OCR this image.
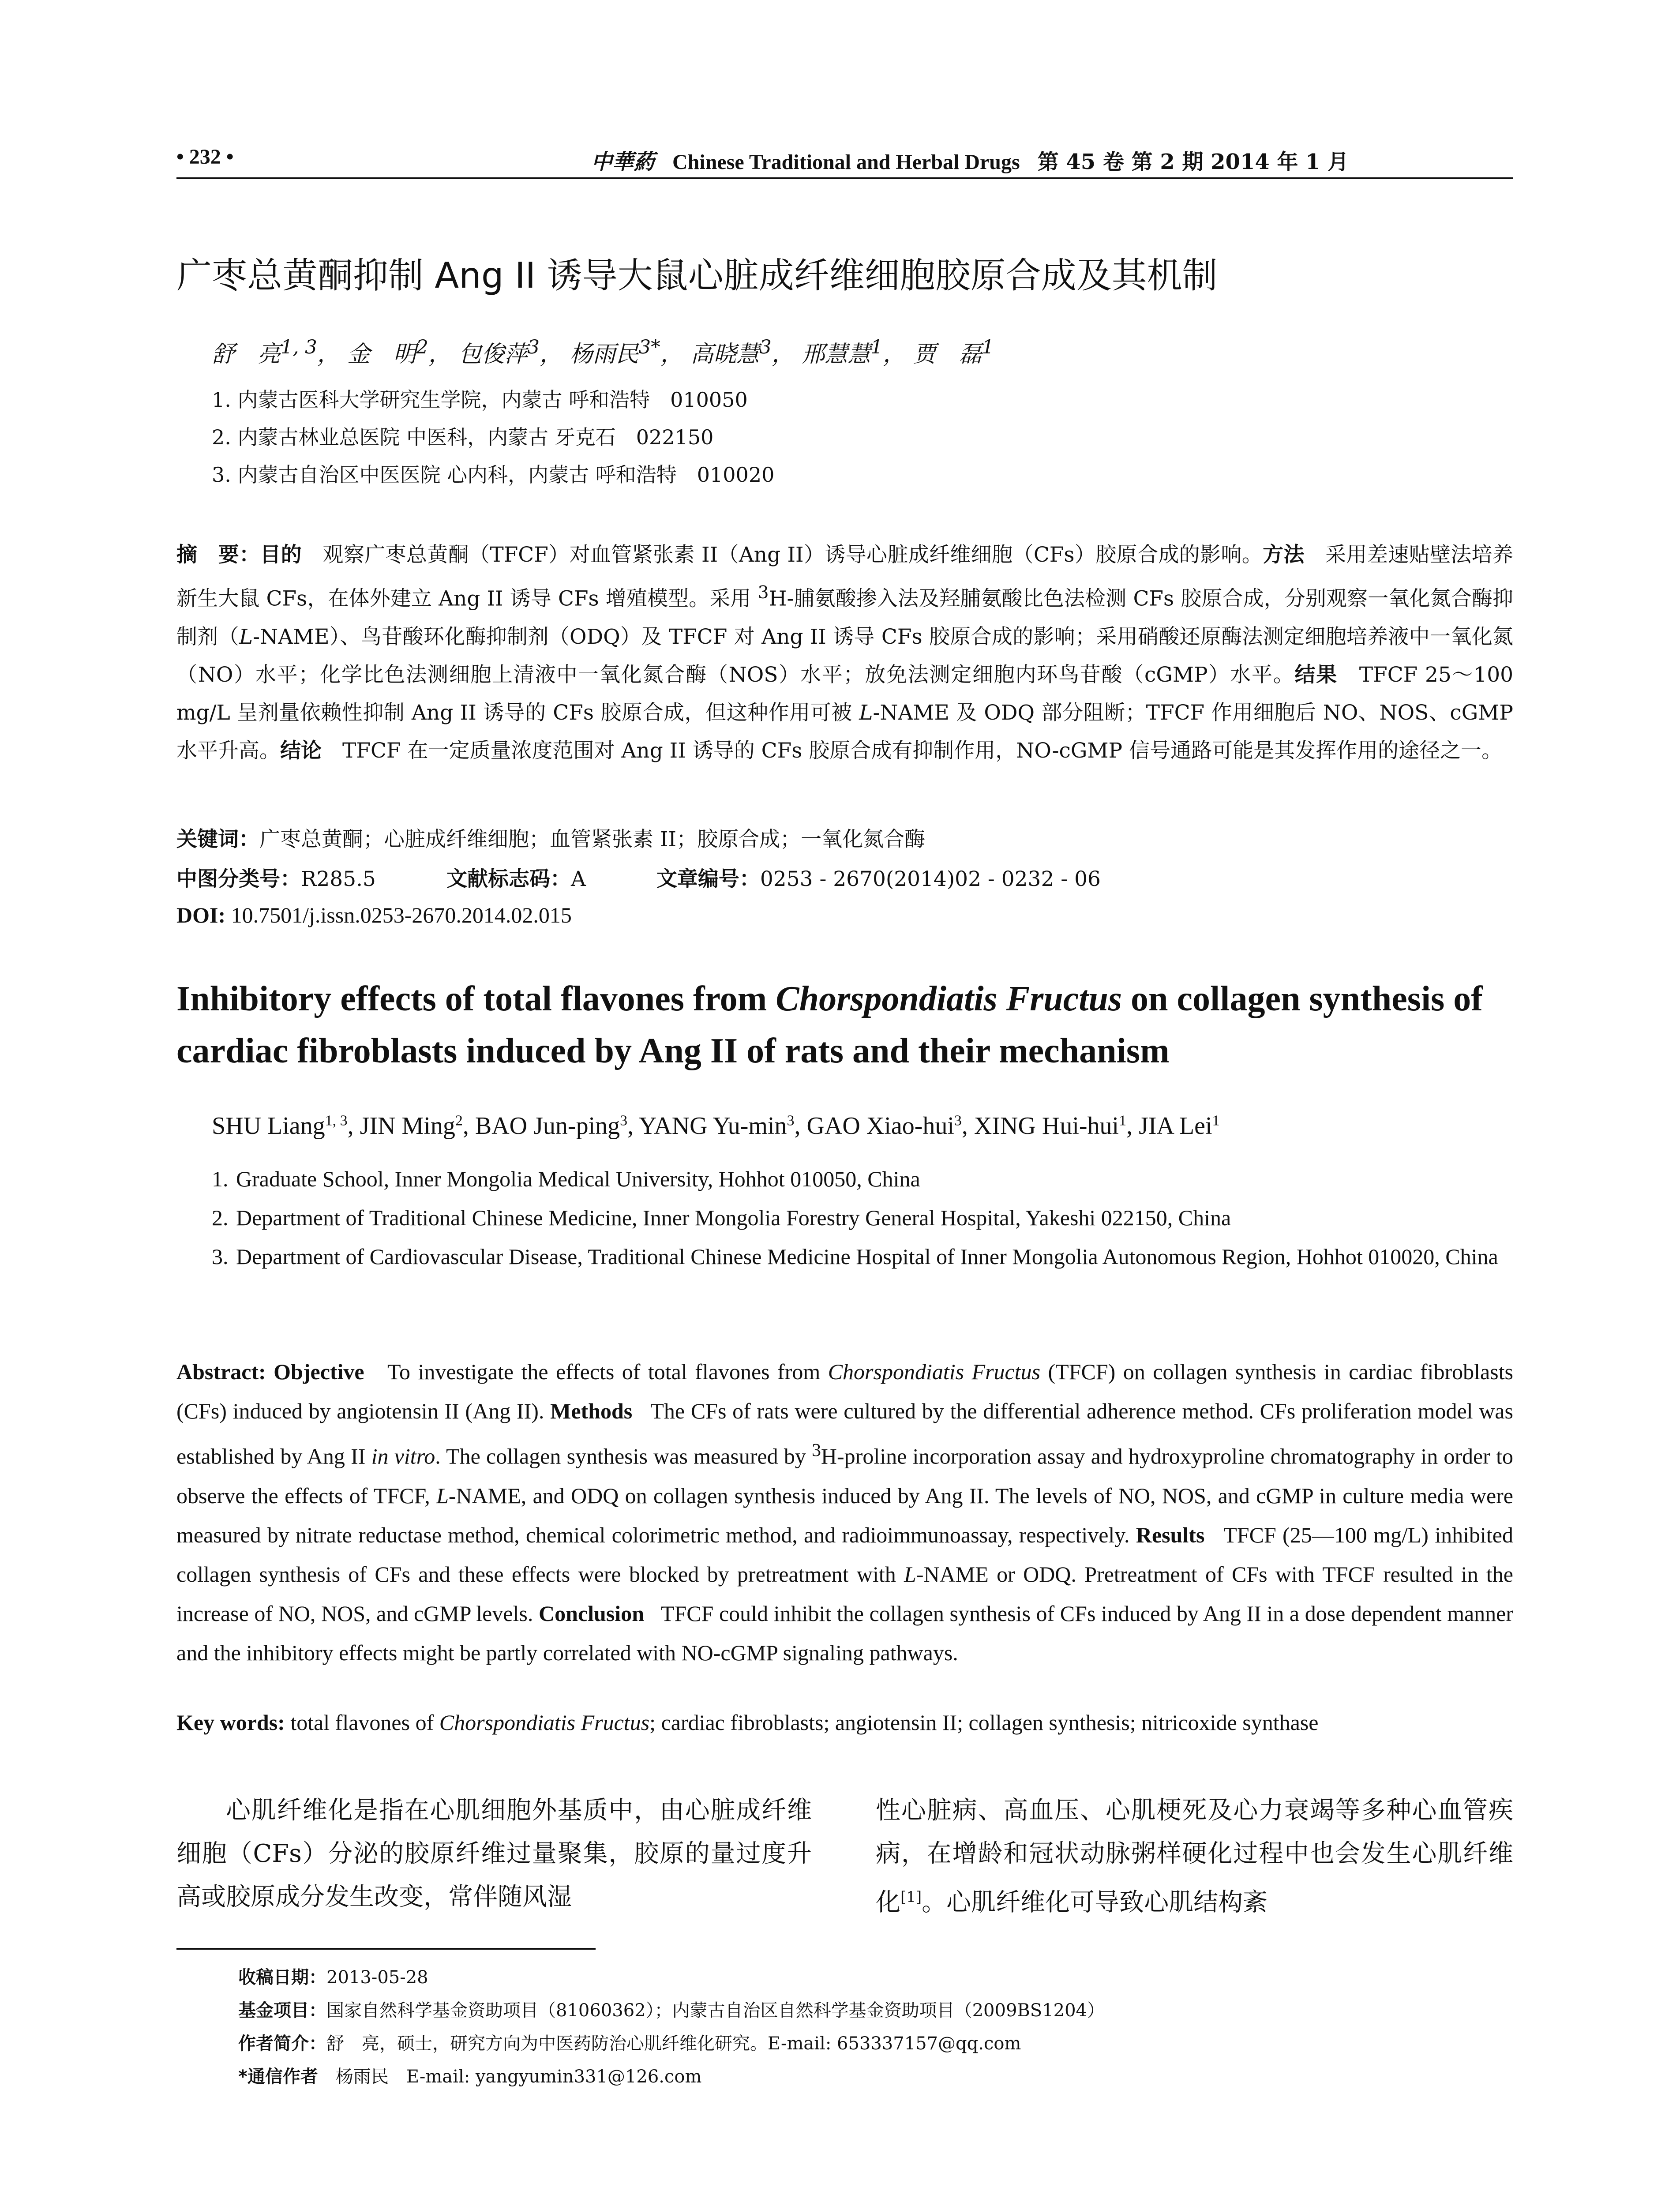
• 232 •	中華葯 Chinese Traditional and Herbal Drugs 第 45 卷 第 2 期 2014 年 1 月
广枣总黄酮抑制 Ang II 诱导大鼠心脏成纤维细胞胶原合成及其机制
舒　亮$^{1, 3}$， 金　明$^2$， 包俊萍$^3$， 杨雨民$^{3*}$， 高晓慧$^3$， 邢慧慧$^1$， 贾　磊$^1$
1. 内蒙古医科大学研究生学院，内蒙古 呼和浩特　010050
2. 内蒙古林业总医院 中医科，内蒙古 牙克石　022150
3. 内蒙古自治区中医医院 心内科，内蒙古 呼和浩特　010020
摘　要：目的　 观察广枣总黄酮（TFCF）对血管紧张素 II（Ang II）诱导心脏成纤维细胞（CFs）胶原合成的影响。方法　 采用差速贴壁法培养新生大鼠 CFs，在体外建立 Ang II 诱导 CFs 增殖模型。采用 $^3$H-脯氨酸掺入法及羟脯氨酸比色法检测 CFs 胶原合成，分别观察一氧化氮合酶抑制剂（L-NAME）、鸟苷酸环化酶抑制剂（ODQ）及 TFCF 对 Ang II 诱导 CFs 胶原合成的影响；采用硝酸还原酶法测定细胞培养液中一氧化氮（NO）水平；化学比色法测细胞上清液中一氧化氮合酶（NOS）水平；放免法测定细胞内环鸟苷酸（cGMP）水平。结果　 TFCF 25～100 mg/L 呈剂量依赖性抑制 Ang II 诱导的 CFs 胶原合成，但这种作用可被 L-NAME 及 ODQ 部分阻断；TFCF 作用细胞后 NO、NOS、cGMP 水平升高。结论　 TFCF 在一定质量浓度范围对 Ang II 诱导的 CFs 胶原合成有抑制作用，NO-cGMP 信号通路可能是其发挥作用的途径之一。
关键词：广枣总黄酮；心脏成纤维细胞；血管紧张素 II；胶原合成；一氧化氮合酶
中图分类号：R285.5	文献标志码：A	文章编号：0253 - 2670(2014)02 - 0232 - 06
DOI: 10.7501/j.issn.0253-2670.2014.02.015
Inhibitory effects of total flavones from Chorspondiatis Fructus on collagen synthesis of cardiac fibroblasts induced by Ang II of rats and their mechanism
SHU Liang$^{1, 3}$, JIN Ming$^2$, BAO Jun-ping$^3$, YANG $Yu-\min^3$, GAO Xiao-hui$^3$, XING Hui-hui$^1$, JIA Lei$^1$
1. Graduate School, Inner Mongolia Medical University, Hohhot 010050, China
2. Department of Traditional Chinese Medicine, Inner Mongolia Forestry General Hospital, Yakeshi 022150, China
3. Department of Cardiovascular Disease, Traditional Chinese Medicine Hospital of Inner Mongolia Autonomous Region, Hohhot 010020, China
Abstract: Objective To investigate the effects of total flavones from Chorspondiatis Fructus (TFCF) on collagen synthesis in cardiac fibroblasts (CFs) induced by angiotensin II (Ang II). Methods The CFs of rats were cultured by the differential adherence method. CFs proliferation model was established by Ang II in vitro. The collagen synthesis was measured by $^3$H-proline incorporation assay and hydroxyproline chromatography in order to observe the effects of TFCF, L-NAME, and ODQ on collagen synthesis induced by Ang II. The levels of NO, NOS, and cGMP in culture media were measured by nitrate reductase method, chemical colorimetric method, and radioimmunoassay, respectively. Results TFCF (25—100 mg/L) inhibited collagen synthesis of CFs and these effects were blocked by pretreatment with L-NAME or ODQ. Pretreatment of CFs with TFCF resulted in the increase of NO, NOS, and cGMP levels. Conclusion TFCF could inhibit the collagen synthesis of CFs induced by Ang II in a dose dependent manner and the inhibitory effects might be partly correlated with NO-cGMP signaling pathways.
Key words: total flavones of Chorspondiatis Fructus; cardiac fibroblasts; angiotensin II; collagen synthesis; nitricoxide synthase
心肌纤维化是指在心肌细胞外基质中，由心脏成纤维细胞（CFs）分泌的胶原纤维过量聚集，胶原的量过度升高或胶原成分发生改变，常伴随风湿
性心脏病、高血压、心肌梗死及心力衰竭等多种心血管疾病，在增龄和冠状动脉粥样硬化过程中也会发生心肌纤维化[1]。心肌纤维化可导致心肌结构紊
收稿日期：2013-05-28
基金项目：国家自然科学基金资助项目（81060362）；内蒙古自治区自然科学基金资助项目（2009BS1204）
作者简介：舒　亮，硕士，研究方向为中医药防治心肌纤维化研究。E-mail: 653337157@qq.com
*通信作者　杨雨民　E-mail: yangyumin331@126.com
